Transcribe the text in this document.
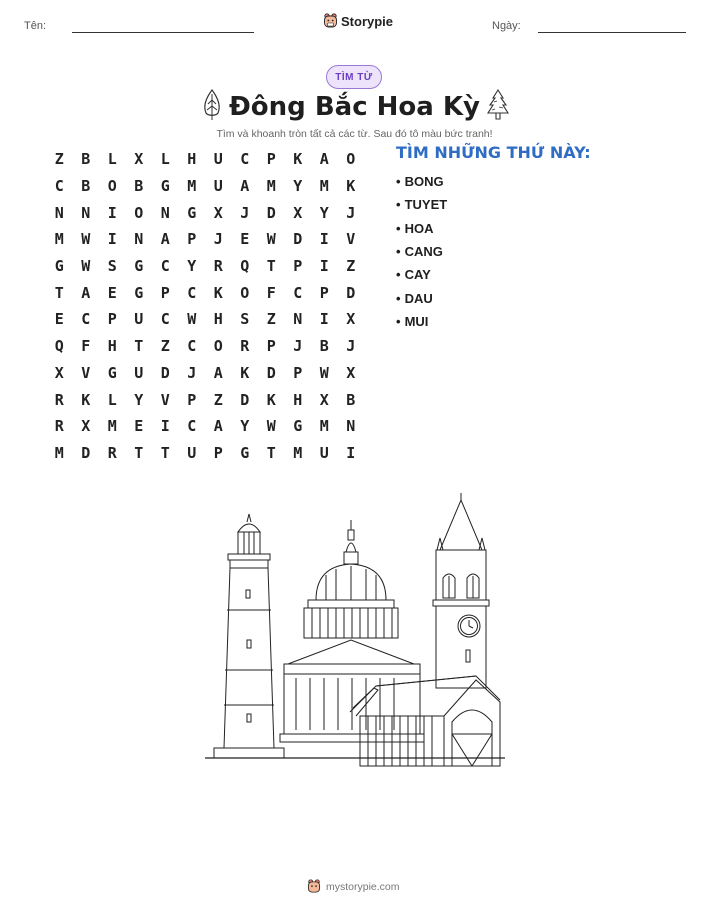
Tên:	Storypie	Ngày:
TÌM TỪ
Đông Bắc Hoa Kỳ
Tìm và khoanh tròn tất cả các từ. Sau đó tô màu bức tranh!
Z	B	L	X	L	H	U	C	P	K	A	O
C	B	O	B	G	M	U	A	M	Y	M	K
N	N	I	O	N	G	X	J	D	X	Y	J
M	W	I	N	A	P	J	E	W	D	I	V
G	W	S	G	C	Y	R	Q	T	P	I	Z
T	A	E	G	P	C	K	O	F	C	P	D
E	C	P	U	C	W	H	S	Z	N	I	X
Q	F	H	T	Z	C	O	R	P	J	B	J
X	V	G	U	D	J	A	K	D	P	W	X
R	K	L	Y	V	P	Z	D	K	H	X	B
R	X	M	E	I	C	A	Y	W	G	M	N
M	D	R	T	T	U	P	G	T	M	U	I
TÌM NHỮNG THỨ NÀY:
• BONG
• TUYET
• HOA
• CANG
• CAY
• DAU
• MUI
mystorypie.com
